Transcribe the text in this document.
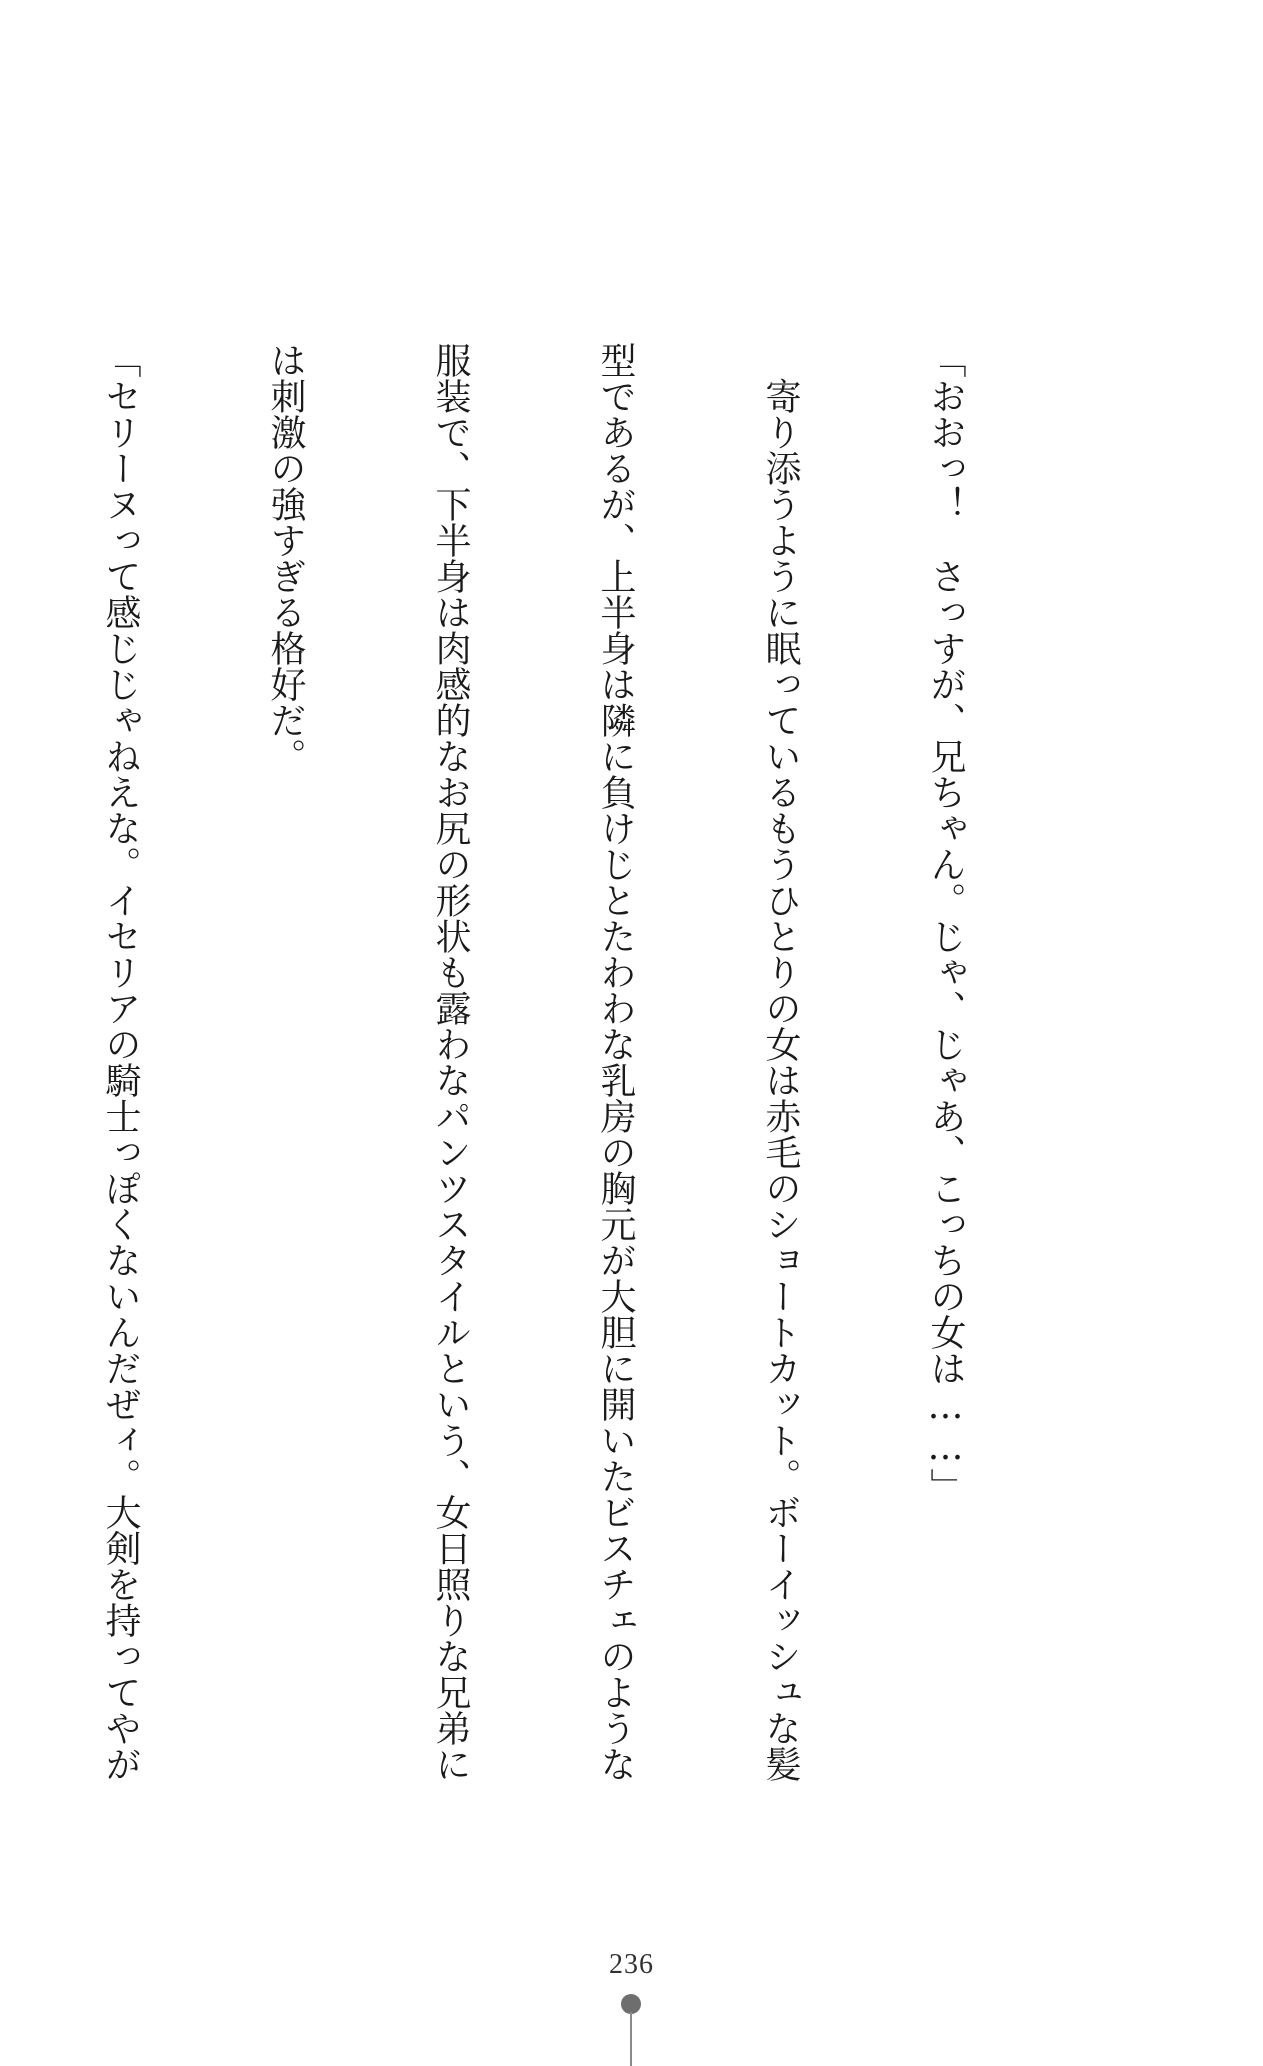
「おおっ！　さっすが、兄ちゃん。じゃ、じゃあ、こっちの女は……」

　寄り添うように眠っているもうひとりの女は赤毛のショートカット。ボーイッシュな髪

型であるが、上半身は隣に負けじとたわわな乳房の胸元が大胆に開いたビスチェのような

服装で、下半身は肉感的なお尻の形状も露わなパンツスタイルという、女日照りな兄弟に

は刺激の強すぎる格好だ。

「セリーヌって感じじゃねえな。イセリアの騎士っぽくないんだぜィ。大剣を持ってやが

236
